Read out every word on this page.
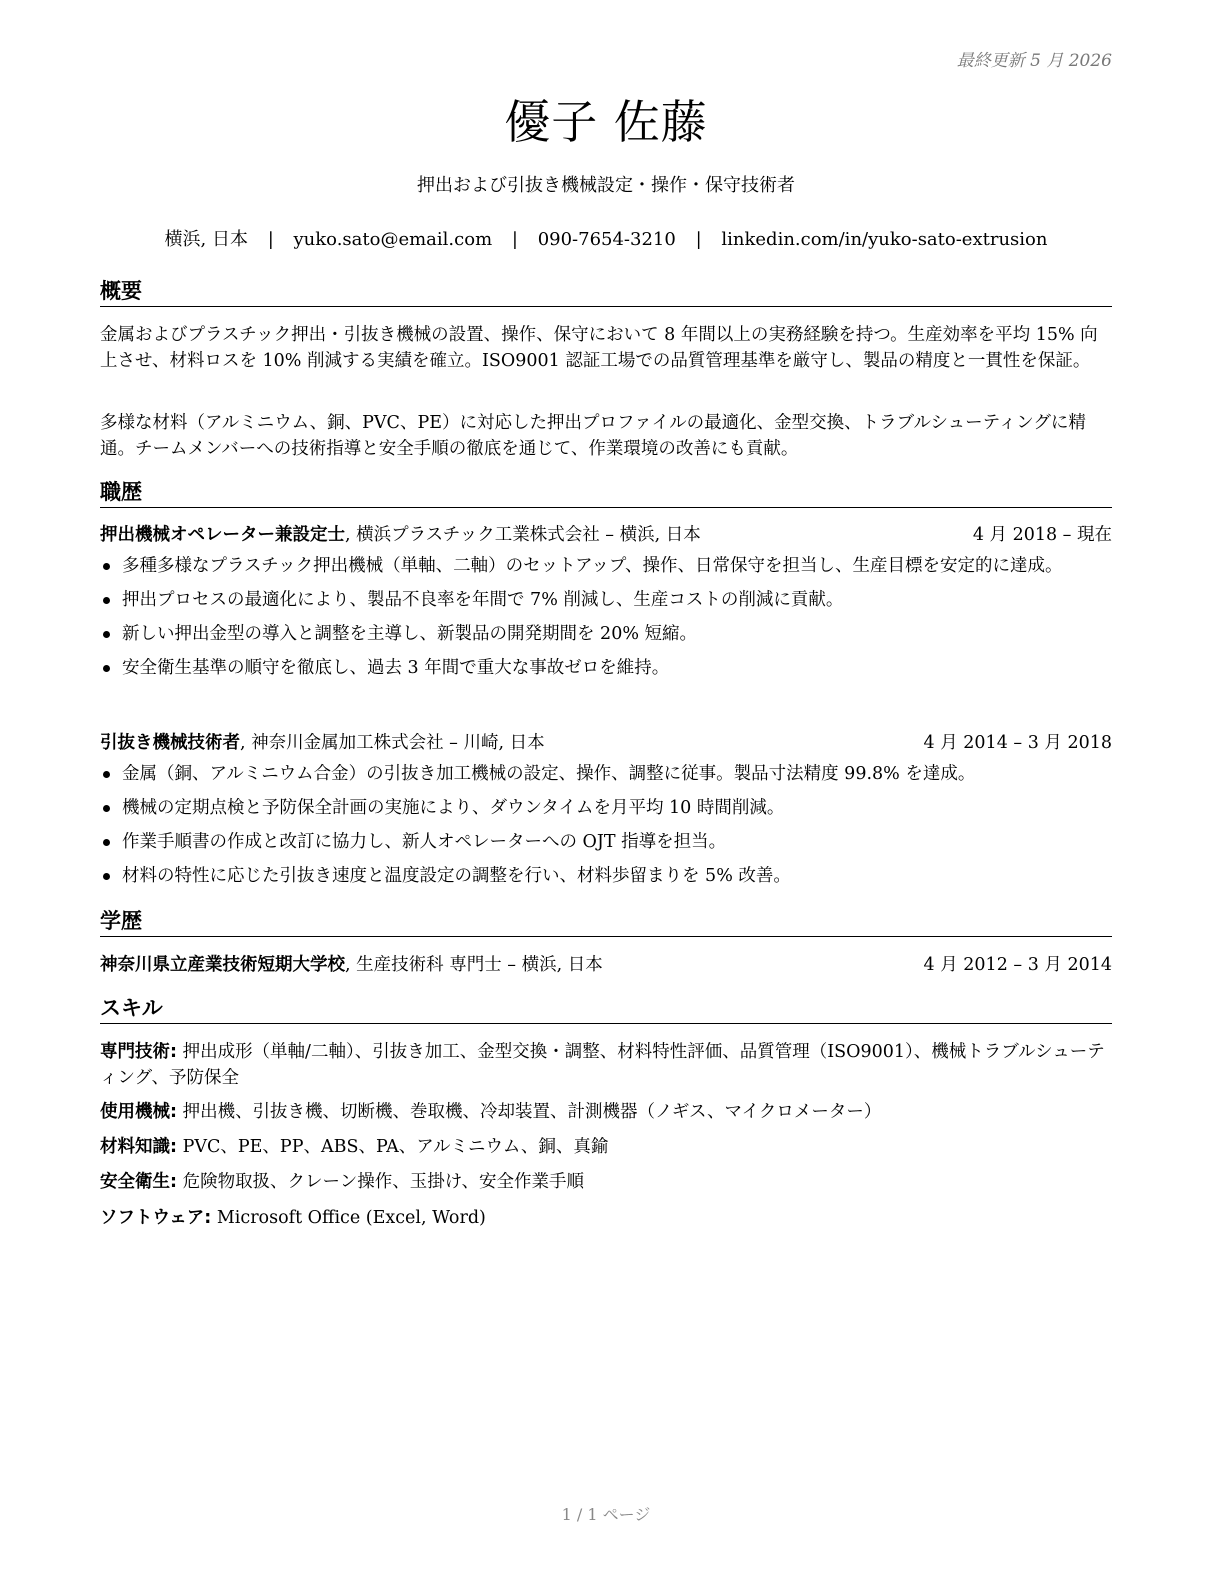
最終更新 5 月 2026
優子 佐藤
押出および引抜き機械設定・操作・保守技術者
横浜, 日本 | yuko.sato@email.com | 090-7654-3210 | linkedin.com/in/yuko-sato-extrusion
概要
金属およびプラスチック押出・引抜き機械の設置、操作、保守において 8 年間以上の実務経験を持つ。生産効率を平均 15% 向上させ、材料ロスを 10% 削減する実績を確立。ISO9001 認証工場での品質管理基準を厳守し、製品の精度と一貫性を保証。
多様な材料（アルミニウム、銅、PVC、PE）に対応した押出プロファイルの最適化、金型交換、トラブルシューティングに精通。チームメンバーへの技術指導と安全手順の徹底を通じて、作業環境の改善にも貢献。
職歴
押出機械オペレーター兼設定士, 横浜プラスチック工業株式会社 – 横浜, 日本	4 月 2018 – 現在
多種多様なプラスチック押出機械（単軸、二軸）のセットアップ、操作、日常保守を担当し、生産目標を安定的に達成。
押出プロセスの最適化により、製品不良率を年間で 7% 削減し、生産コストの削減に貢献。
新しい押出金型の導入と調整を主導し、新製品の開発期間を 20% 短縮。
安全衛生基準の順守を徹底し、過去 3 年間で重大な事故ゼロを維持。
引抜き機械技術者, 神奈川金属加工株式会社 – 川崎, 日本	4 月 2014 – 3 月 2018
金属（銅、アルミニウム合金）の引抜き加工機械の設定、操作、調整に従事。製品寸法精度 99.8% を達成。
機械の定期点検と予防保全計画の実施により、ダウンタイムを月平均 10 時間削減。
作業手順書の作成と改訂に協力し、新人オペレーターへの OJT 指導を担当。
材料の特性に応じた引抜き速度と温度設定の調整を行い、材料歩留まりを 5% 改善。
学歴
神奈川県立産業技術短期大学校, 生産技術科 専門士 – 横浜, 日本	4 月 2012 – 3 月 2014
スキル
専門技術: 押出成形（単軸/二軸）、引抜き加工、金型交換・調整、材料特性評価、品質管理（ISO9001）、機械トラブルシューティング、予防保全
使用機械: 押出機、引抜き機、切断機、巻取機、冷却装置、計測機器（ノギス、マイクロメーター）
材料知識: PVC、PE、PP、ABS、PA、アルミニウム、銅、真鍮
安全衛生: 危険物取扱、クレーン操作、玉掛け、安全作業手順
ソフトウェア: Microsoft Office (Excel, Word)
1 / 1 ページ
